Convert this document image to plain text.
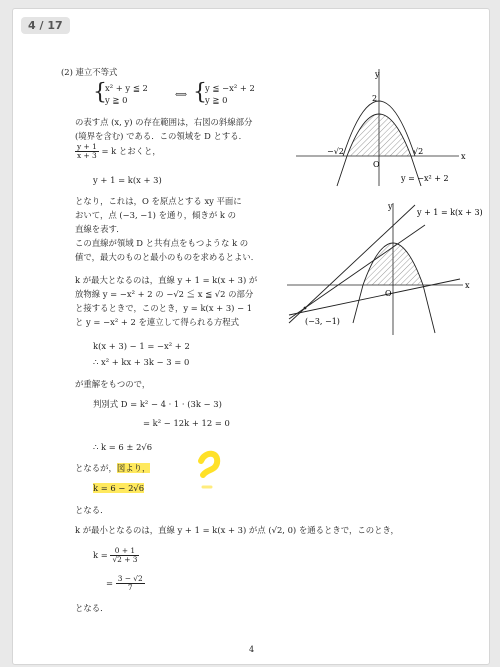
4 / 17
(2) 連立不等式
{
x² + y ≦ 2
y ≧ 0
⟺ {
y ≦ −x² + 2
y ≧ 0
の表す点 (x, y) の存在範囲は，右図の斜線部分
(境界を含む) である．この領域を D とする．
$\frac{y + 1}{x + 3} = k$ とおくと，
y + 1 = k(x + 3)
となり，これは，O を原点とする xy 平面に
おいて，点 (−3, −1) を通り，傾きが k の
直線を表す．
この直線が領域 D と共有点をもつような k の
値で，最大のものと最小のものを求めるとよい．
k が最大となるのは，直線 y + 1 = k(x + 3) が
放物線 y = −x² + 2 の −√2 ≦ x ≦ √2 の部分
と接するときで，このとき，y = k(x + 3) − 1
と y = −x² + 2 を連立して得られる方程式
k(x + 3) − 1 = −x² + 2
∴ x² + kx + 3k − 3 = 0
が重解をもつので，
判別式 D = k² − 4 · 1 · (3k − 3)
= k² − 12k + 12 = 0
∴ k = 6 ± 2√6
となるが，図より，
k = 6 − 2√6
となる．
k が最小となるのは，直線 y + 1 = k(x + 3) が点 (√2, 0) を通るときで，このとき，
$k = \frac{0 + 1}{√2 + 3}$
= $\frac{3 - √2}{7}$
となる．
4
y
x
O
2
−√2	√2
y = −x² + 2
y
x
O
y + 1 = k(x + 3)
(−3, −1)
